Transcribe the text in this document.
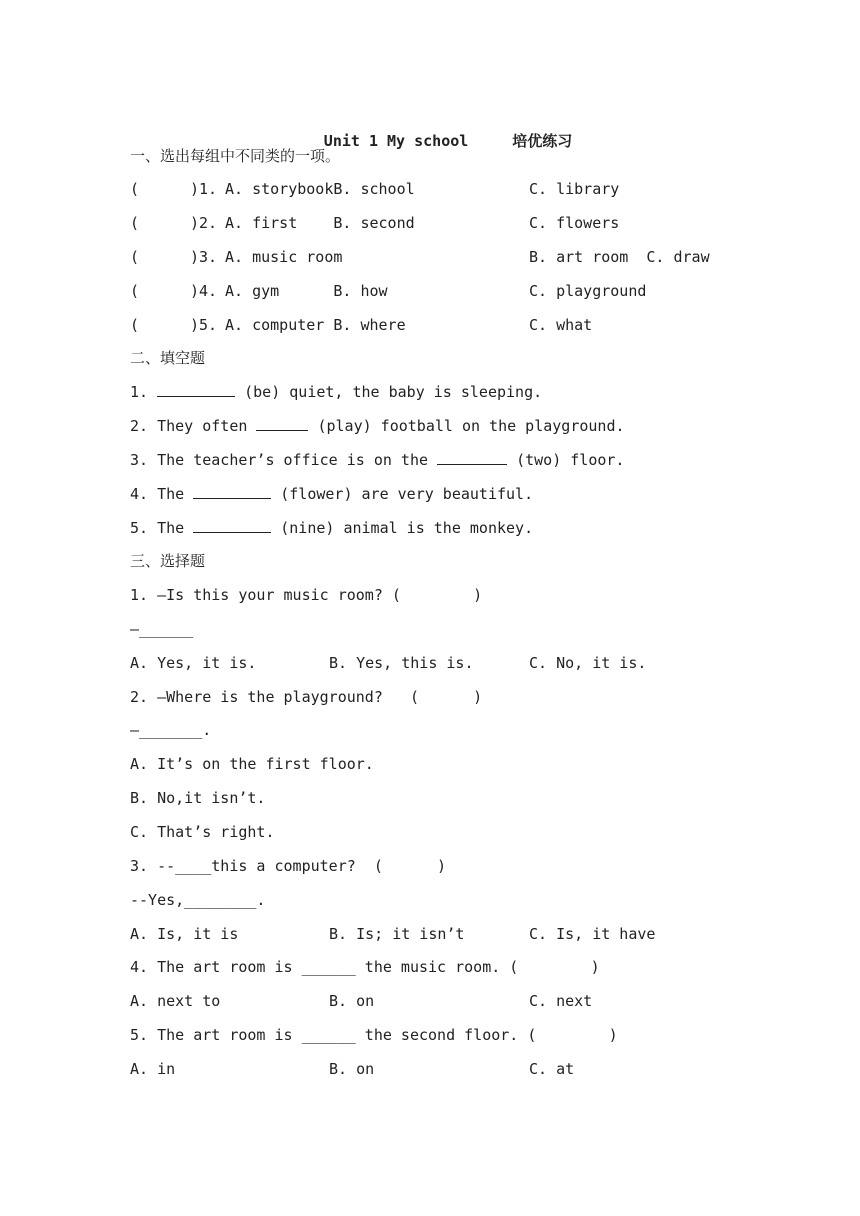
Unit 1 My school	培优练习

一、选出每组中不同类的一项。
(	)1. A. storybookB. school	C. library
(	)2. A. first    B. second	C. flowers
(	)3. A. music room	B. art room  C. draw
(	)4. A. gym      B. how	C. playground
(	)5. A. computer B. where	C. what
二、填空题
1.	(be) quiet, the baby is sleeping.
2. They often	(play) football on the playground.
3. The teacher’s office is on the	(two) floor.
4. The	(flower) are very beautiful.
5. The	(nine) animal is the monkey.
三、选择题
1. —Is this your music room? (        )
—______
A. Yes, it is.	B. Yes, this is.	C. No, it is.
2. —Where is the playground?   (      )
—_______.
A. It’s on the first floor.
B. No,it isn’t.
C. That’s right.
3. --____this a computer?  (      )
--Yes,________.
A. Is, it is	B. Is; it isn’t	C. Is, it have
4. The art room is ______ the music room. (        )
A. next to	B. on	C. next
5. The art room is ______ the second floor. (        )
A. in	B. on	C. at
